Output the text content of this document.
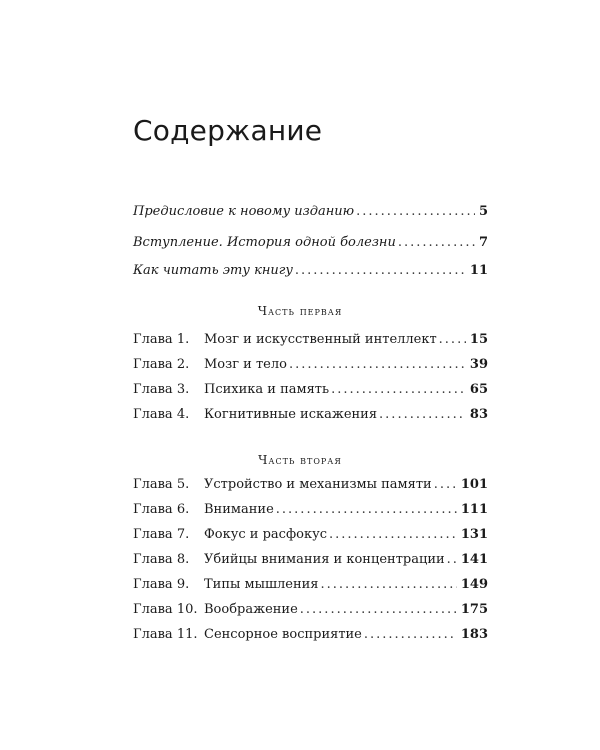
Содержание
Предисловие к новому изданию .....	5
Вступление. История одной болезни .....	7
Как читать эту книгу .....	11
Часть первая
Глава 1.	Мозг и искусственный интеллект .....	15
Глава 2.	Мозг и тело .....	39
Глава 3.	Психика и память .....	65
Глава 4.	Когнитивные искажения .....	83
Часть вторая
Глава 5.	Устройство и механизмы памяти ..... 101
Глава 6.	Внимание .....	111
Глава 7.	Фокус и расфокус .....	131
Глава 8.	Убийцы внимания и концентрации ..... 141
Глава 9.	Типы мышления .....	149
Глава 10. Воображение .....	175
Глава 11. Сенсорное восприятие .....	183
